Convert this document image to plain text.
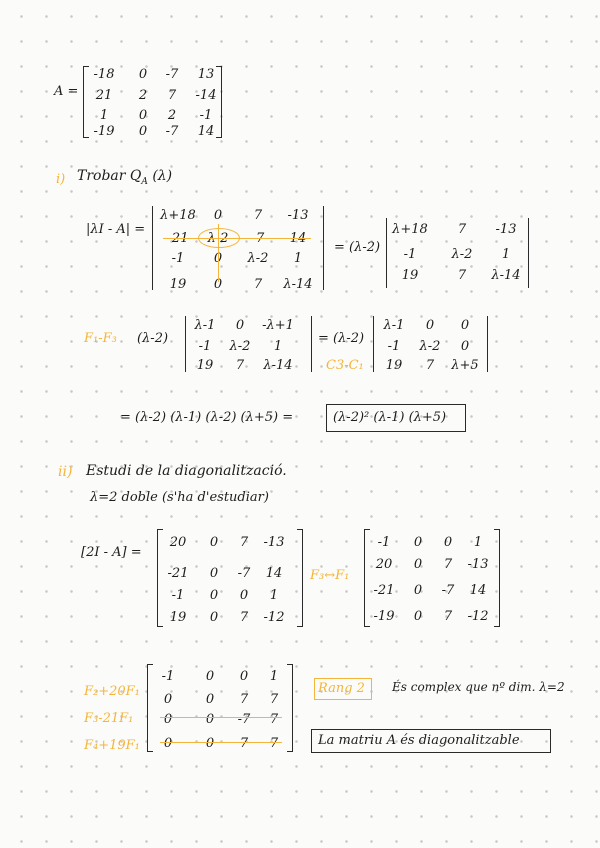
A =
-18	0	-7	13
21	2	7	-14
1	0	2	-1
-19	0	-7	14
i) Trobar $Q_A$ (λ)
|λI - A| =
λ+18	0	7	-13
-21	λ-2	-7	14
-1	0	λ-2	1
19	0	7	λ-14
= (λ-2)
λ+18	7	-13
-1	λ-2	1
19	7	λ-14
F₁-F₃ (λ-2)
λ-1	0	-λ+1
-1	λ-2	1
19	7	λ-14
= (λ-2)
C3-C₁
λ-1	0	0
-1	λ-2	0
19	7	λ+5
= (λ-2) (λ-1) (λ-2) (λ+5) =	(λ-2)² (λ-1) (λ+5)
ii) Estudi de la diagonalització.
λ=2 doble (s'ha d'estudiar)
[2I - A] =
20	0	7	-13
-21	0	-7	14
-1	0	0	1
19	0	7	-12
F₃↔F₁
-1	0	0	1
20	0	7	-13
-21	0	-7	14
-19	0	7	-12
F₂+20F₁
F₃-21F₁
F₄+19F₁
-1	0	0	1
0	0	7	7
0	0	-7	7
0	0	7	7
Rang 2 És complex que nº dim. λ=2
La matriu A és diagonalitzable
